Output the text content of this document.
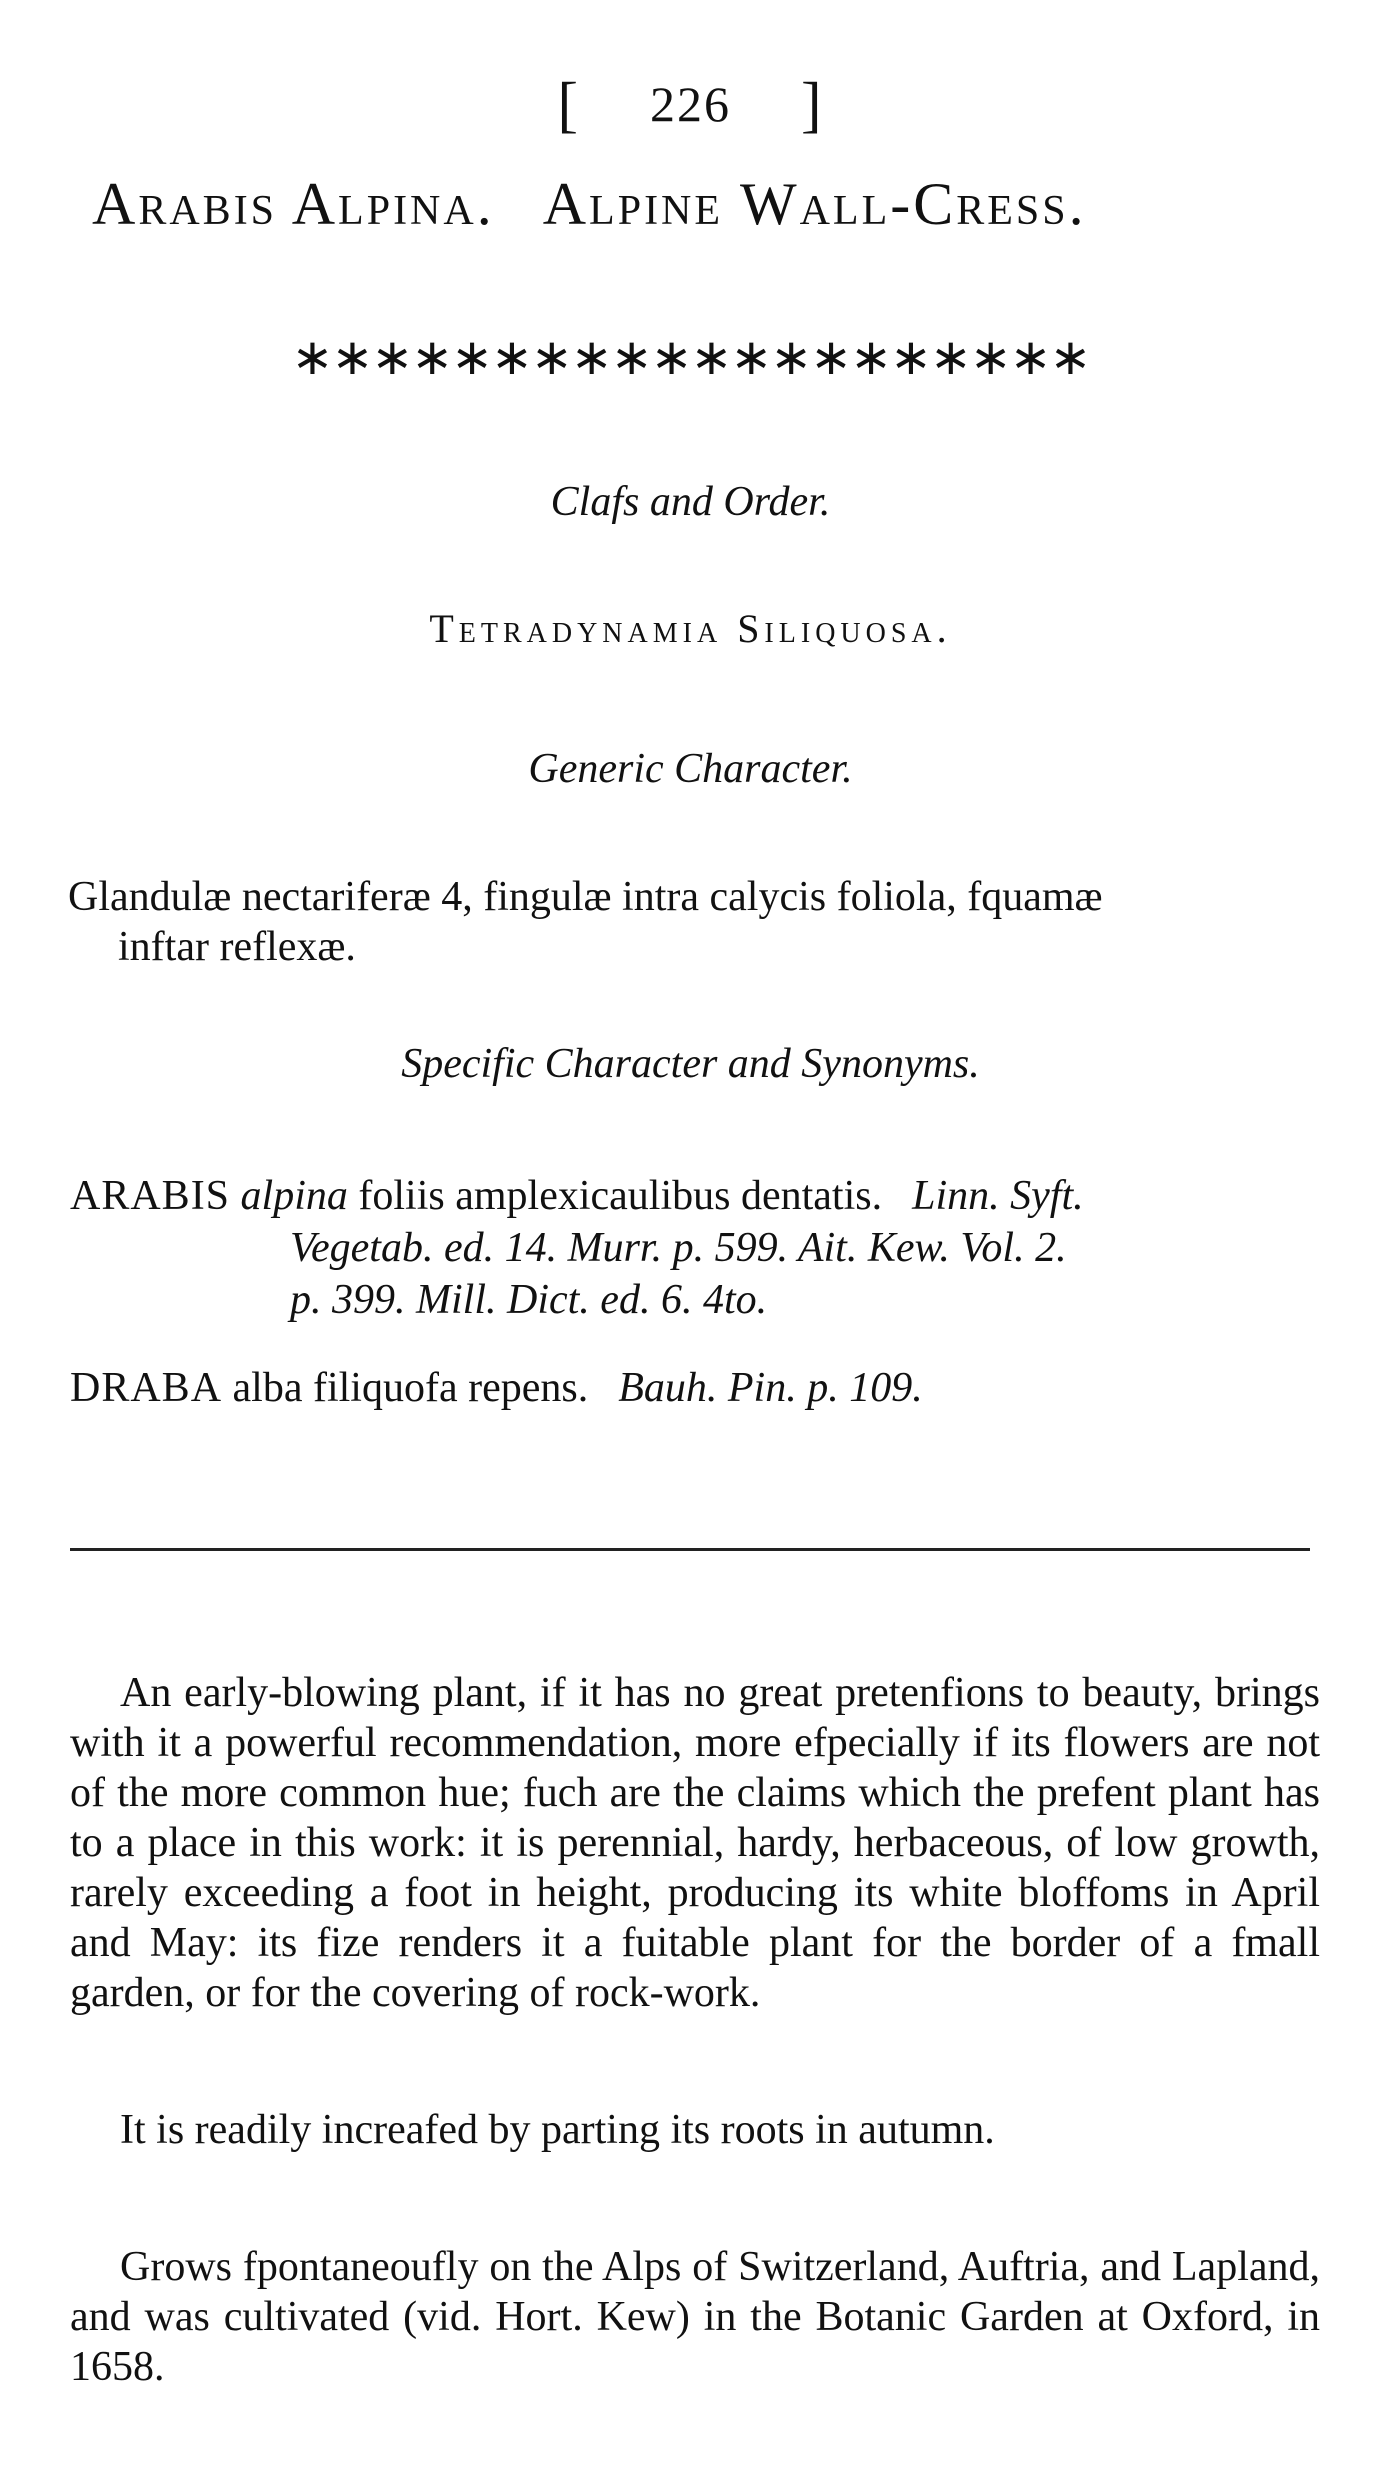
[ 226 ]
Arabis Alpina. Alpine Wall-Cress.
∗∗∗∗∗∗∗∗∗∗∗∗∗∗∗∗∗∗∗∗
Clafs and Order.
Tetradynamia Siliquosa.
Generic Character.
Glandulæ nectariferæ 4, fingulæ intra calycis foliola, fquamæ
inftar reflexæ.
Specific Character and Synonyms.
ARABIS alpina foliis amplexicaulibus dentatis. Linn. Syft.
Vegetab. ed. 14. Murr. p. 599. Ait. Kew. Vol. 2.
p. 399. Mill. Dict. ed. 6. 4to.
DRABA alba filiquofa repens. Bauh. Pin. p. 109.
An early-blowing plant, if it has no great pretenfions to beauty, brings with it a powerful recommendation, more efpecially if its flowers are not of the more common hue; fuch are the claims which the prefent plant has to a place in this work: it is perennial, hardy, herbaceous, of low growth, rarely exceeding a foot in height, producing its white bloffoms in April and May: its fize renders it a fuitable plant for the border of a fmall garden, or for the covering of rock-work.
It is readily increafed by parting its roots in autumn.
Grows fpontaneoufly on the Alps of Switzerland, Auftria, and Lapland, and was cultivated (vid. Hort. Kew) in the Botanic Garden at Oxford, in 1658.
